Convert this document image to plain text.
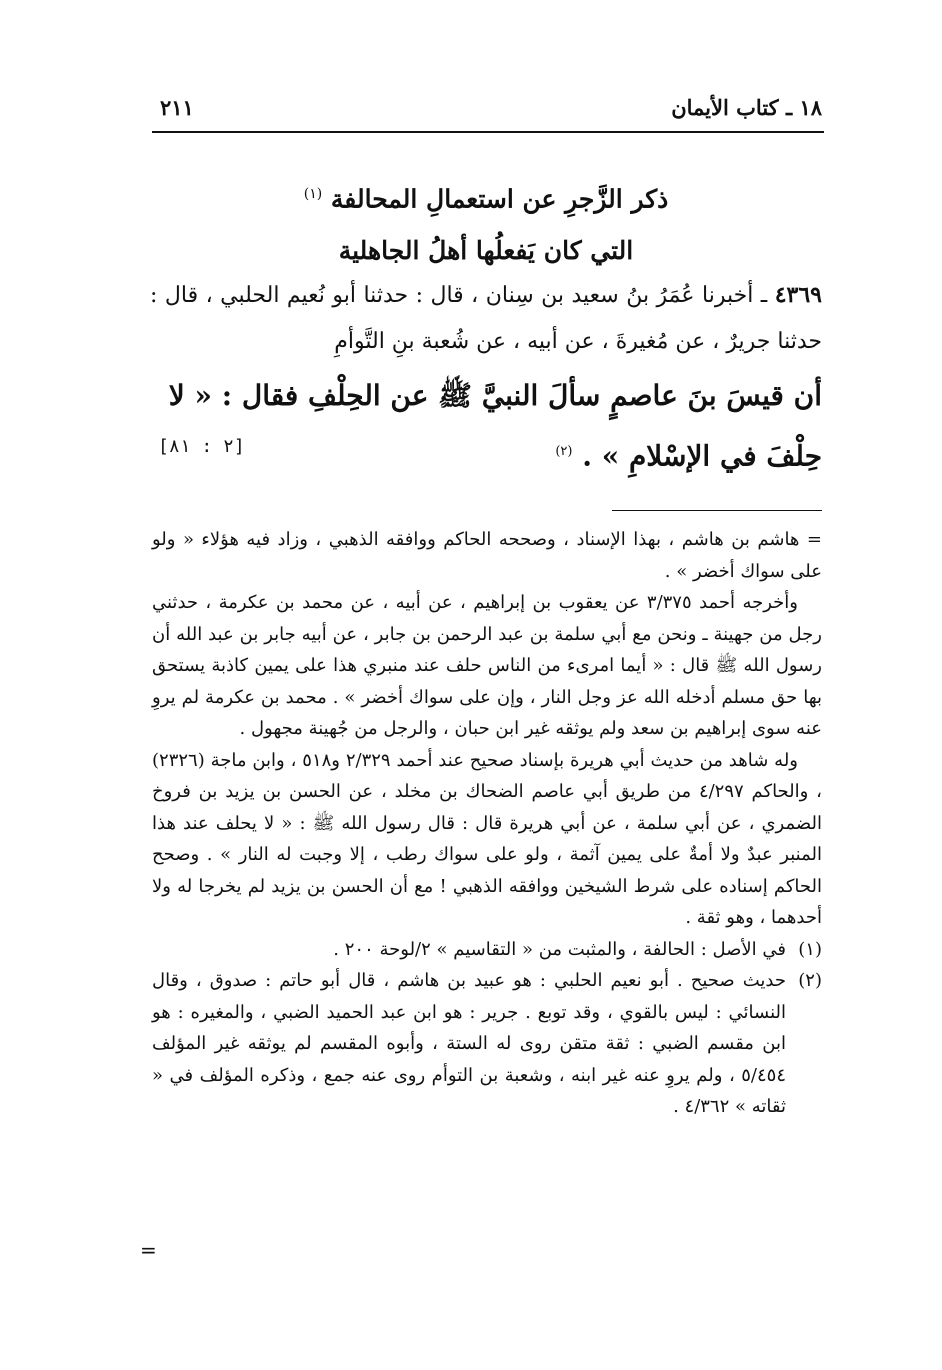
١٨ ـ كتاب الأيمان
٢١١
ذكر الزَّجرِ عن استعمالِ المحالفة $^{(١)}$
التي كان يَفعلُها أهلُ الجاهلية
٤٣٦٩ ـ أخبرنا عُمَرُ بنُ سعيد بن سِنان ، قال : حدثنا أبو نُعيم الحلبي ، قال : حدثنا جريرٌ ، عن مُغيرةَ ، عن أبيه ، عن شُعبة بنِ التَّوأمِ
أن قيسَ بنَ عاصمٍ سألَ النبيَّ ﷺ عن الحِلْفِ فقال : « لا حِلْفَ في الإسْلامِ » . $^{(٢)}$
[٢ : ٨١]

= هاشم بن هاشم ، بهذا الإسناد ، وصححه الحاكم ووافقه الذهبي ، وزاد فيه هؤلاء « ولو على سواك أخضر » .

وأخرجه أحمد ٣/٣٧٥ عن يعقوب بن إبراهيم ، عن أبيه ، عن محمد بن عكرمة ، حدثني رجل من جهينة ـ ونحن مع أبي سلمة بن عبد الرحمن بن جابر ، عن أبيه جابر بن عبد الله أن رسول الله ﷺ قال : « أيما امرىء من الناس حلف عند منبري هذا على يمين كاذبة يستحق بها حق مسلم أدخله الله عز وجل النار ، وإن على سواك أخضر » . محمد بن عكرمة لم يروِ عنه سوى إبراهيم بن سعد ولم يوثقه غير ابن حبان ، والرجل من جُهينة مجهول .

وله شاهد من حديث أبي هريرة بإسناد صحيح عند أحمد ٢/٣٢٩ و٥١٨ ، وابن ماجة (٢٣٢٦) ، والحاكم ٤/٢٩٧ من طريق أبي عاصم الضحاك بن مخلد ، عن الحسن بن يزيد بن فروخ الضمري ، عن أبي سلمة ، عن أبي هريرة قال : قال رسول الله ﷺ : « لا يحلف عند هذا المنبر عبدٌ ولا أمةٌ على يمين آثمة ، ولو على سواك رطب ، إلا وجبت له النار » . وصحح الحاكم إسناده على شرط الشيخين ووافقه الذهبي ! مع أن الحسن بن يزيد لم يخرجا له ولا أحدهما ، وهو ثقة .

(١)في الأصل : الحالفة ، والمثبت من « التقاسيم » ٢/لوحة ٢٠٠ .

(٢)حديث صحيح . أبو نعيم الحلبي : هو عبيد بن هاشم ، قال أبو حاتم : صدوق ، وقال النسائي : ليس بالقوي ، وقد توبع . جرير : هو ابن عبد الحميد الضبي ، والمغيره : هو ابن مقسم الضبي : ثقة متقن روى له الستة ، وأبوه المقسم لم يوثقه غير المؤلف ٥/٤٥٤ ، ولم يروِ عنه غير ابنه ، وشعبة بن التوأم روى عنه جمع ، وذكره المؤلف في « ثقاته » ٤/٣٦٢ .

=
